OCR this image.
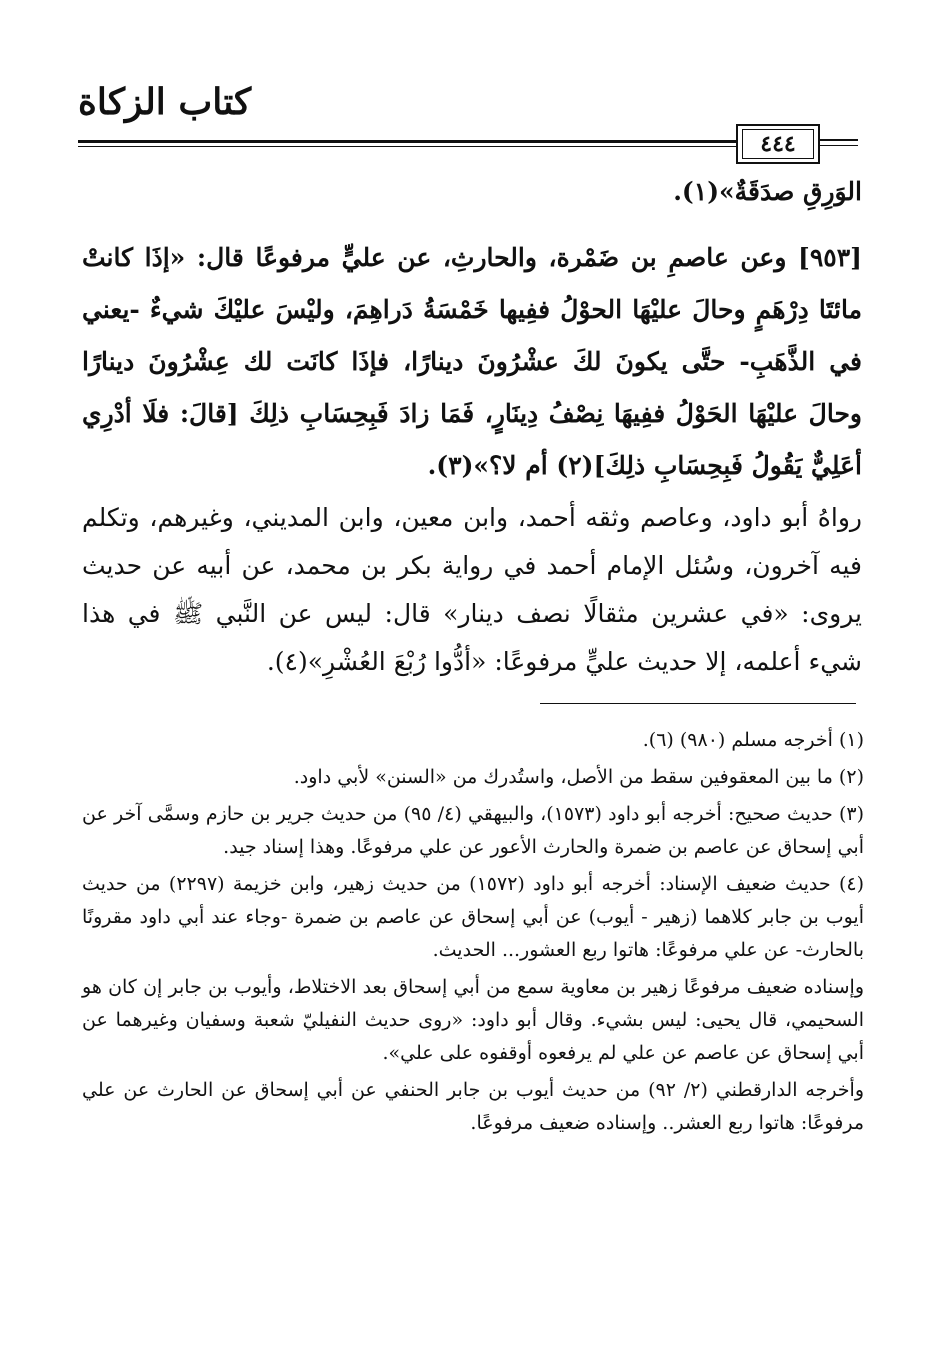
كتاب الزكاة
٤٤٤
الوَرِقِ صدَقَةٌ»(١).
[٩٥٣] وعن عاصمِ بن ضَمْرة، والحارثِ، عن عليٍّ مرفوعًا قال: «إذَا كانتْ مائتَا دِرْهَمٍ وحالَ عليْهَا الحوْلُ ففِيها خَمْسَةُ دَراهِمَ، وليْسَ عليْكَ شيءٌ -يعني في الذَّهَبِ- حتَّى يكونَ لكَ عشْرُونَ دينارًا، فإذَا كانَت لك عِشْرُونَ دينارًا وحالَ عليْهَا الحَوْلُ ففِيهَا نِصْفُ دِينَارٍ، فَمَا زادَ فَبِحِسَابِ ذلِكَ [قالَ: فلَا أدْرِي أعَلِيٌّ يَقُولُ فَبِحِسَابِ ذلِكَ](٢) أم لا؟»(٣).
رواهُ أبو داود، وعاصم وثقه أحمد، وابن معين، وابن المديني، وغيرهم، وتكلم فيه آخرون، وسُئل الإمام أحمد في رواية بكر بن محمد، عن أبيه عن حديث يروى: «في عشرين مثقالًا نصف دينار» قال: ليس عن النَّبي ﷺ في هذا شيء أعلمه، إلا حديث عليٍّ مرفوعًا: «أدُّوا رُبْعَ العُشْرِ»(٤).

(١) أخرجه مسلم (٩٨٠) (٦).

(٢) ما بين المعقوفين سقط من الأصل، واستُدرك من «السنن» لأبي داود.

(٣) حديث صحيح: أخرجه أبو داود (١٥٧٣)، والبيهقي (٤/ ٩٥) من حديث جرير بن حازم وسمَّى آخر عن أبي إسحاق عن عاصم بن ضمرة والحارث الأعور عن علي مرفوعًا. وهذا إسناد جيد.

(٤) حديث ضعيف الإسناد: أخرجه أبو داود (١٥٧٢) من حديث زهير، وابن خزيمة (٢٢٩٧) من حديث أيوب بن جابر كلاهما (زهير - أيوب) عن أبي إسحاق عن عاصم بن ضمرة -وجاء عند أبي داود مقرونًا بالحارث- عن علي مرفوعًا: هاتوا ربع العشور... الحديث.

وإسناده ضعيف مرفوعًا زهير بن معاوية سمع من أبي إسحاق بعد الاختلاط، وأيوب بن جابر إن كان هو السحيمي، قال يحيى: ليس بشيء. وقال أبو داود: «روى حديث النفيليّ شعبة وسفيان وغيرهما عن أبي إسحاق عن عاصم عن علي لم يرفعوه أوقفوه على علي».

وأخرجه الدارقطني (٢/ ٩٢) من حديث أيوب بن جابر الحنفي عن أبي إسحاق عن الحارث عن علي مرفوعًا: هاتوا ربع العشر.. وإسناده ضعيف مرفوعًا.
